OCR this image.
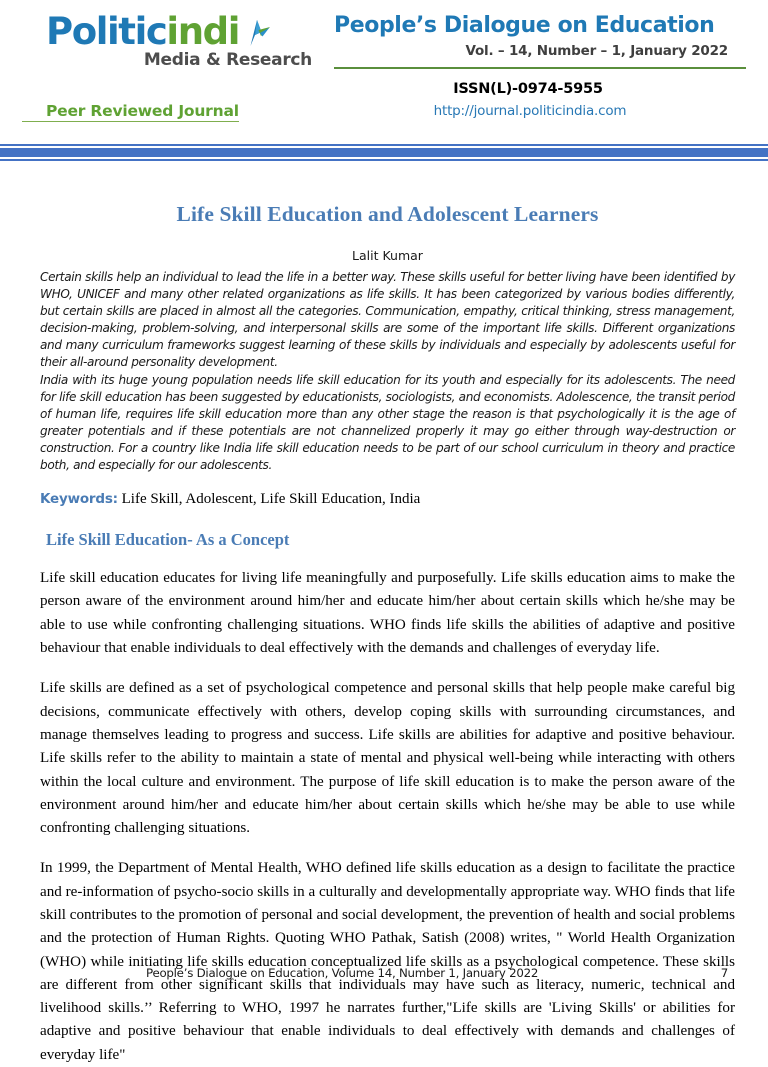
Politicindi
Media & Research
Peer Reviewed Journal
People’s Dialogue on Education
Vol. – 14, Number – 1, January 2022
ISSN(L)-0974-5955
http://journal.politicindia.com
Life Skill Education and Adolescent Learners
Lalit Kumar
Certain skills help an individual to lead the life in a better way. These skills useful for better living have been identified by WHO, UNICEF and many other related organizations as life skills. It has been categorized by various bodies differently, but certain skills are placed in almost all the categories. Communication, empathy, critical thinking, stress management, decision-making, problem-solving, and interpersonal skills are some of the important life skills. Different organizations and many curriculum frameworks suggest learning of these skills by individuals and especially by adolescents useful for their all-around personality development.
India with its huge young population needs life skill education for its youth and especially for its adolescents. The need for life skill education has been suggested by educationists, sociologists, and economists. Adolescence, the transit period of human life, requires life skill education more than any other stage the reason is that psychologically it is the age of greater potentials and if these potentials are not channelized properly it may go either through way-destruction or construction. For a country like India life skill education needs to be part of our school curriculum in theory and practice both, and especially for our adolescents.
Keywords: Life Skill, Adolescent, Life Skill Education, India
Life Skill Education- As a Concept
Life skill education educates for living life meaningfully and purposefully. Life skills education aims to make the person aware of the environment around him/her and educate him/her about certain skills which he/she may be able to use while confronting challenging situations. WHO finds life skills the abilities of adaptive and positive behaviour that enable individuals to deal effectively with the demands and challenges of everyday life.
Life skills are defined as a set of psychological competence and personal skills that help people make careful big decisions, communicate effectively with others, develop coping skills with surrounding circumstances, and manage themselves leading to progress and success. Life skills are abilities for adaptive and positive behaviour. Life skills refer to the ability to maintain a state of mental and physical well-being while interacting with others within the local culture and environment. The purpose of life skill education is to make the person aware of the environment around him/her and educate him/her about certain skills which he/she may be able to use while confronting challenging situations.
In 1999, the Department of Mental Health, WHO defined life skills education as a design to facilitate the practice and re-information of psycho-socio skills in a culturally and developmentally appropriate way. WHO finds that life skill contributes to the promotion of personal and social development, the prevention of health and social problems and the protection of Human Rights. Quoting WHO Pathak, Satish (2008) writes, " World Health Organization (WHO) while initiating life skills education conceptualized life skills as a psychological competence. These skills are different from other significant skills that individuals may have such as literacy, numeric, technical and livelihood skills.’’ Referring to WHO, 1997 he narrates further,"Life skills are 'Living Skills' or abilities for adaptive and positive behaviour that enable individuals to deal effectively with demands and challenges of everyday life"
People’s Dialogue on Education, Volume 14, Number 1, January 2022	7
